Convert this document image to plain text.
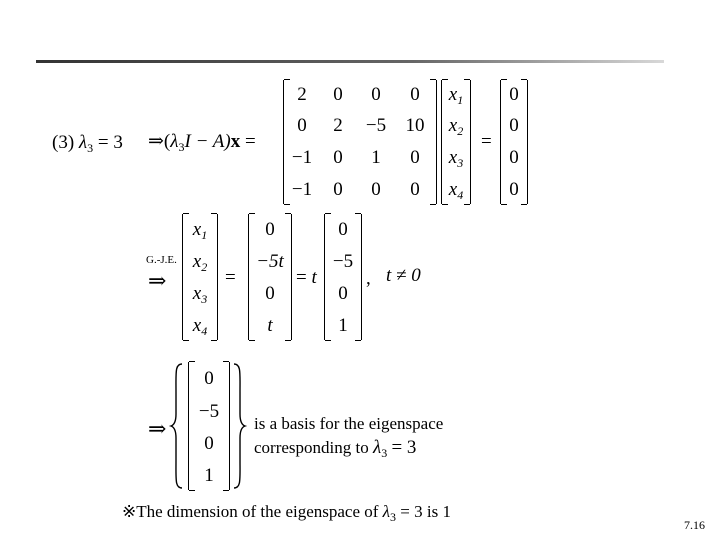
(3) $\lambda_3 = 3$ $\Rightarrow(\lambda_3I - A)x$ =
2	0	0	0
0	2	−5	10
−1	0	1	0
−1	0	0	0
$x_1$
$x_2$
$x_3$
$x_4$
=
0
0
0
0
G.-J.E.
⇒
$x_1$
$x_2$
$x_3$
$x_4$
=
0
−5t
0
t
= t
0
−5
0
1
, t ≠ 0
⇒
0
−5
0
1
is a basis for the eigenspace
corresponding to $\lambda_3 = 3$
※The dimension of the eigenspace of $\lambda_3 = 3$ is 1
7.16
